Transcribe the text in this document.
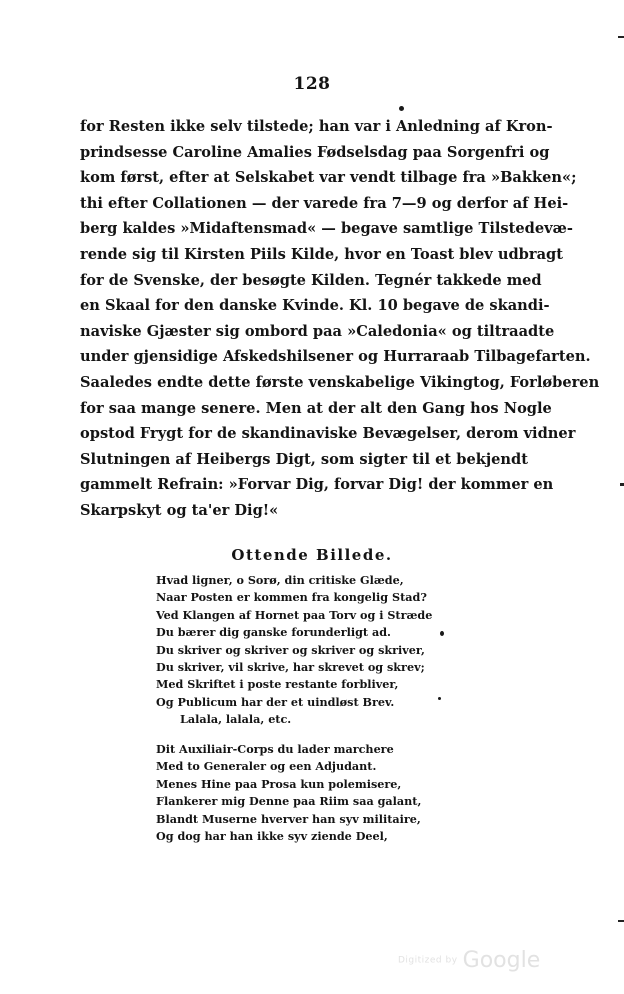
128
for Resten ikke selv tilstede; han var i Anledning af Kron-
prindsesse Caroline Amalies Fødselsdag paa Sorgenfri og
kom først, efter at Selskabet var vendt tilbage fra »Bakken«;
thi efter Collationen — der varede fra 7—9 og derfor af Hei-
berg kaldes »Midaftensmad« — begave samtlige Tilstedevæ-
rende sig til Kirsten Piils Kilde, hvor en Toast blev udbragt
for de Svenske, der besøgte Kilden. Tegnér takkede med
en Skaal for den danske Kvinde. Kl. 10 begave de skandi-
naviske Gjæster sig ombord paa »Caledonia« og tiltraadte
under gjensidige Afskedshilsener og Hurraraab Tilbagefarten.
Saaledes endte dette første venskabelige Vikingtog, Forløberen
for saa mange senere. Men at der alt den Gang hos Nogle
opstod Frygt for de skandinaviske Bevægelser, derom vidner
Slutningen af Heibergs Digt, som sigter til et bekjendt
gammelt Refrain: »Forvar Dig, forvar Dig! der kommer en
Skarpskyt og ta'er Dig!«
Ottende Billede.
Hvad ligner, o Sorø, din critiske Glæde,
Naar Posten er kommen fra kongelig Stad?
Ved Klangen af Hornet paa Torv og i Stræde
Du bærer dig ganske forunderligt ad.
Du skriver og skriver og skriver og skriver,
Du skriver, vil skrive, har skrevet og skrev;
Med Skriftet i poste restante forbliver,
Og Publicum har der et uindløst Brev.
Lalala, lalala, etc.
Dit Auxiliair-Corps du lader marchere
Med to Generaler og een Adjudant.
Menes Hine paa Prosa kun polemisere,
Flankerer mig Denne paa Riim saa galant,
Blandt Muserne hverver han syv militaire,
Og dog har han ikke syv ziende Deel,
Digitized by Google
